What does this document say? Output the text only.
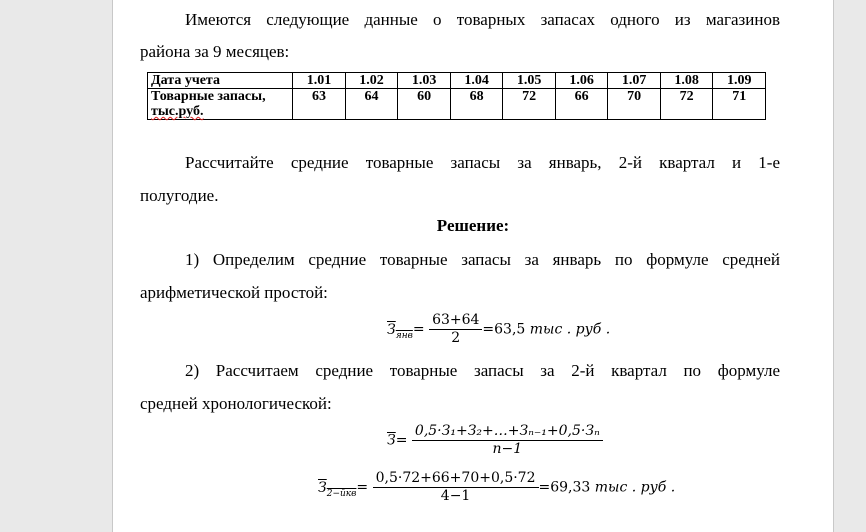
Имеются следующие данные о товарных запасах одного из магазинов
района за 9 месяцев:
Дата учета	1.01	1.02	1.03	1.04	1.05	1.06	1.07	1.08	1.09
Товарные запасы,
тыс.руб.	63	64	60	68	72	66	70	72	71
Рассчитайте средние товарные запасы за январь, 2-й квартал и 1-е
полугодие.
Решение:
1) Определим средние товарные запасы за январь по формуле средней
арифметической простой:
$З_{янв}= \frac{63+64}{2} =63,5$ тыс . руб .
2) Рассчитаем средние товарные запасы за 2-й квартал по формуле
средней хронологической:
$З= \frac{\text{0,5·З₁+З₂+…+Зₙ₋₁+0,5·Зₙ}}{n-1}$
$З_{2-йкв}= \frac{0,5\cdot 72+66+70+0,5\cdot 72}{4-1} =69,33$ тыс . руб .
